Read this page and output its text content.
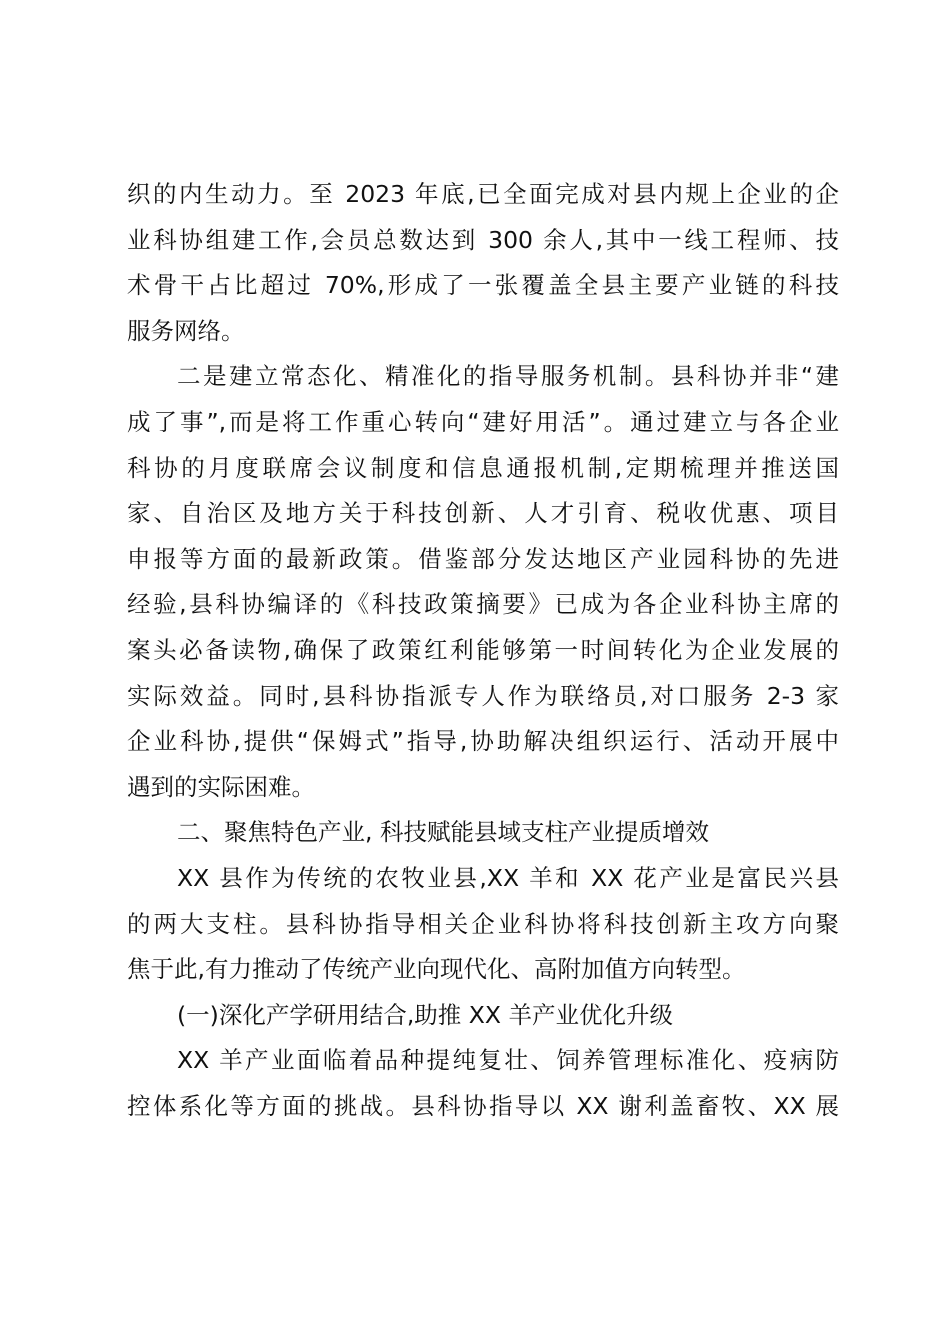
织的内生动力。至 2023 年底,已全面完成对县内规上企业的企
业科协组建工作,会员总数达到 300 余人,其中一线工程师、技
术骨干占比超过 70%,形成了一张覆盖全县主要产业链的科技
服务网络。
二是建立常态化、精准化的指导服务机制。县科协并非“建
成了事”,而是将工作重心转向“建好用活”。通过建立与各企业
科协的月度联席会议制度和信息通报机制,定期梳理并推送国
家、自治区及地方关于科技创新、人才引育、税收优惠、项目
申报等方面的最新政策。借鉴部分发达地区产业园科协的先进
经验,县科协编译的《科技政策摘要》已成为各企业科协主席的
案头必备读物,确保了政策红利能够第一时间转化为企业发展的
实际效益。同时,县科协指派专人作为联络员,对口服务 2-3 家
企业科协,提供“保姆式”指导,协助解决组织运行、活动开展中
遇到的实际困难。
二、聚焦特色产业, 科技赋能县域支柱产业提质增效
XX 县作为传统的农牧业县,XX 羊和 XX 花产业是富民兴县
的两大支柱。县科协指导相关企业科协将科技创新主攻方向聚
焦于此,有力推动了传统产业向现代化、高附加值方向转型。
(一)深化产学研用结合,助推 XX 羊产业优化升级
XX 羊产业面临着品种提纯复壮、饲养管理标准化、疫病防
控体系化等方面的挑战。县科协指导以 XX 谢利盖畜牧、XX 展
